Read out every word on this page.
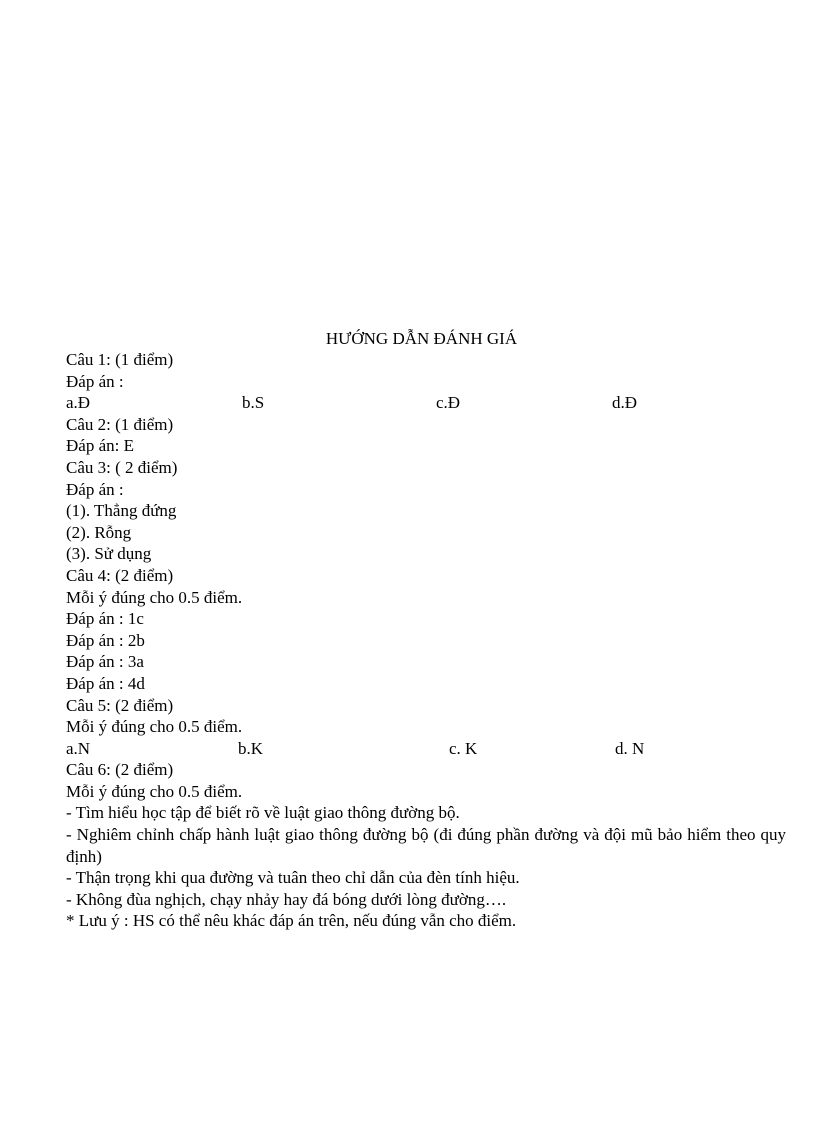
HƯỚNG DẪN ĐÁNH GIÁ
Câu 1: (1 điểm)
Đáp án :
a.Đ	b.S	c.Đ	d.Đ
Câu 2: (1 điểm)
Đáp án: E
Câu 3: ( 2 điểm)
Đáp án :
(1). Thẳng đứng
(2). Rỗng
(3). Sử dụng
Câu 4: (2 điểm)
Mỗi ý đúng cho 0.5 điểm.
Đáp án : 1c
Đáp án : 2b
Đáp án : 3a
Đáp án : 4d
Câu 5: (2 điểm)
Mỗi ý đúng cho 0.5 điểm.
a.N	b.K	c. K	d. N
Câu 6: (2 điểm)
Mỗi ý đúng cho 0.5 điểm.
- Tìm hiểu học tập để biết rõ về luật giao thông đường bộ.
- Nghiêm chỉnh chấp hành luật giao thông đường bộ (đi đúng phần đường và đội mũ bảo hiểm theo quy định)
- Thận trọng khi qua đường và tuân theo chỉ dẫn của đèn tính hiệu.
- Không đùa nghịch, chạy nhảy hay đá bóng dưới lòng đường….
* Lưu ý : HS có thể nêu khác đáp án trên, nếu đúng vẫn cho điểm.
